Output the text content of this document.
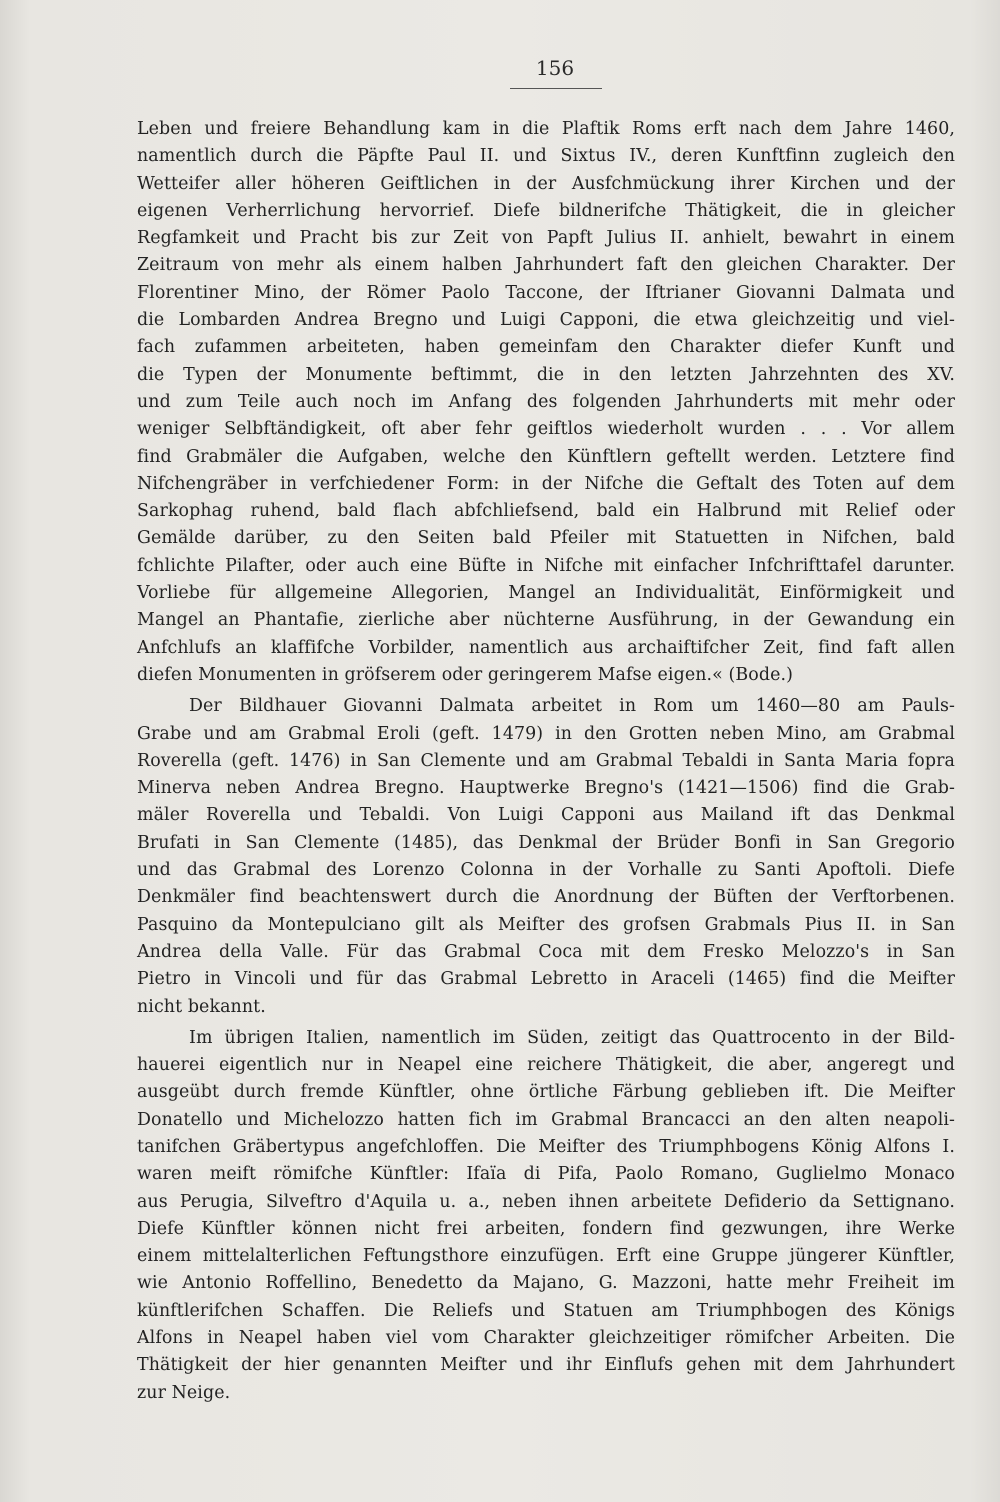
156
Leben und freiere Behandlung kam in die Plaftik Roms erft nach dem Jahre 1460,
namentlich durch die Päpfte Paul II. und Sixtus IV., deren Kunftfinn zugleich den
Wetteifer aller höheren Geiftlichen in der Ausfchmückung ihrer Kirchen und der
eigenen Verherrlichung hervorrief. Diefe bildnerifche Thätigkeit, die in gleicher
Regfamkeit und Pracht bis zur Zeit von Papft Julius II. anhielt, bewahrt in einem
Zeitraum von mehr als einem halben Jahrhundert faft den gleichen Charakter. Der
Florentiner Mino, der Römer Paolo Taccone, der Iftrianer Giovanni Dalmata und
die Lombarden Andrea Bregno und Luigi Capponi, die etwa gleichzeitig und viel-
fach zufammen arbeiteten, haben gemeinfam den Charakter diefer Kunft und
die Typen der Monumente beftimmt, die in den letzten Jahrzehnten des XV.
und zum Teile auch noch im Anfang des folgenden Jahrhunderts mit mehr oder
weniger Selbftändigkeit, oft aber fehr geiftlos wiederholt wurden . . . Vor allem
find Grabmäler die Aufgaben, welche den Künftlern geftellt werden. Letztere find
Nifchengräber in verfchiedener Form: in der Nifche die Geftalt des Toten auf dem
Sarkophag ruhend, bald flach abfchliefsend, bald ein Halbrund mit Relief oder
Gemälde darüber, zu den Seiten bald Pfeiler mit Statuetten in Nifchen, bald
fchlichte Pilafter, oder auch eine Büfte in Nifche mit einfacher Infchrifttafel darunter.
Vorliebe für allgemeine Allegorien, Mangel an Individualität, Einförmigkeit und
Mangel an Phantafie, zierliche aber nüchterne Ausführung, in der Gewandung ein
Anfchlufs an klaffifche Vorbilder, namentlich aus archaiftifcher Zeit, find faft allen
diefen Monumenten in gröfserem oder geringerem Mafse eigen.« (Bode.)
Der Bildhauer Giovanni Dalmata arbeitet in Rom um 1460—80 am Pauls-
Grabe und am Grabmal Eroli (geft. 1479) in den Grotten neben Mino, am Grabmal
Roverella (geft. 1476) in San Clemente und am Grabmal Tebaldi in Santa Maria fopra
Minerva neben Andrea Bregno. Hauptwerke Bregno's (1421—1506) find die Grab-
mäler Roverella und Tebaldi. Von Luigi Capponi aus Mailand ift das Denkmal
Brufati in San Clemente (1485), das Denkmal der Brüder Bonfi in San Gregorio
und das Grabmal des Lorenzo Colonna in der Vorhalle zu Santi Apoftoli. Diefe
Denkmäler find beachtenswert durch die Anordnung der Büften der Verftorbenen.
Pasquino da Montepulciano gilt als Meifter des grofsen Grabmals Pius II. in San
Andrea della Valle. Für das Grabmal Coca mit dem Fresko Melozzo's in San
Pietro in Vincoli und für das Grabmal Lebretto in Araceli (1465) find die Meifter
nicht bekannt.
Im übrigen Italien, namentlich im Süden, zeitigt das Quattrocento in der Bild-
hauerei eigentlich nur in Neapel eine reichere Thätigkeit, die aber, angeregt und
ausgeübt durch fremde Künftler, ohne örtliche Färbung geblieben ift. Die Meifter
Donatello und Michelozzo hatten fich im Grabmal Brancacci an den alten neapoli-
tanifchen Gräbertypus angefchloffen. Die Meifter des Triumphbogens König Alfons I.
waren meift römifche Künftler: Ifaïa di Pifa, Paolo Romano, Guglielmo Monaco
aus Perugia, Silveftro d'Aquila u. a., neben ihnen arbeitete Defiderio da Settignano.
Diefe Künftler können nicht frei arbeiten, fondern find gezwungen, ihre Werke
einem mittelalterlichen Feftungsthore einzufügen. Erft eine Gruppe jüngerer Künftler,
wie Antonio Roffellino, Benedetto da Majano, G. Mazzoni, hatte mehr Freiheit im
künftlerifchen Schaffen. Die Reliefs und Statuen am Triumphbogen des Königs
Alfons in Neapel haben viel vom Charakter gleichzeitiger römifcher Arbeiten. Die
Thätigkeit der hier genannten Meifter und ihr Einflufs gehen mit dem Jahrhundert
zur Neige.
